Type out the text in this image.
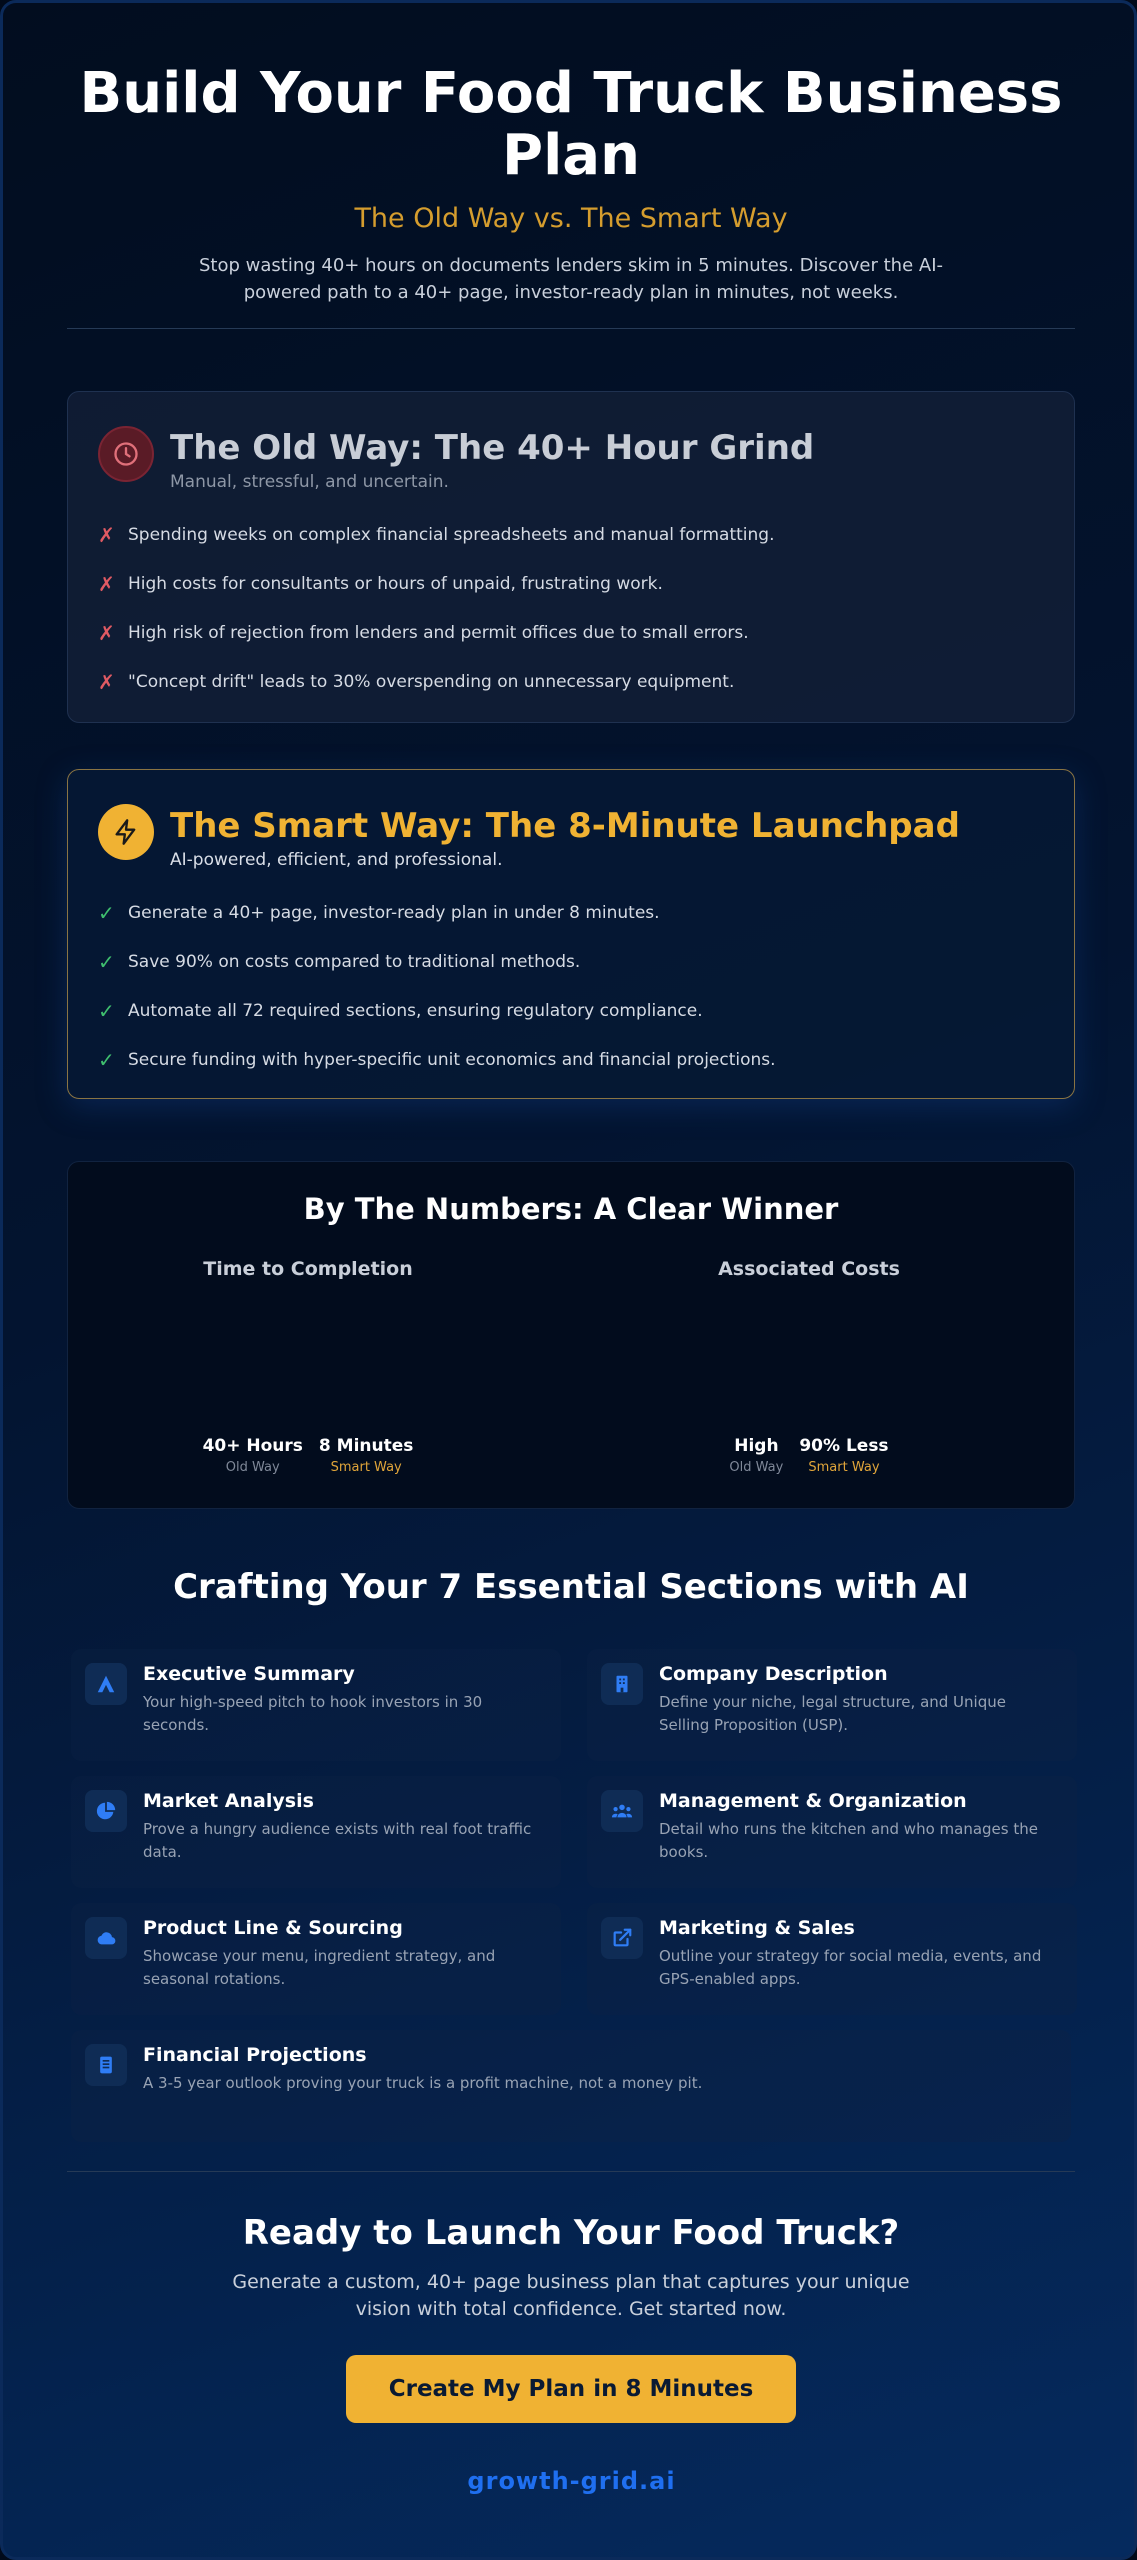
Build Your Food Truck Business Plan
The Old Way vs. The Smart Way

Stop wasting 40+ hours on documents lenders skim in 5 minutes. Discover the AI-powered path to a 40+ page, investor-ready plan in minutes, not weeks.

The Old Way: The 40+ Hour Grind
Manual, stressful, and uncertain.
✗ Spending weeks on complex financial spreadsheets and manual formatting.
✗ High costs for consultants or hours of unpaid, frustrating work.
✗ High risk of rejection from lenders and permit offices due to small errors.
✗ "Concept drift" leads to 30% overspending on unnecessary equipment.
The Smart Way: The 8-Minute Launchpad
AI-powered, efficient, and professional.
✓ Generate a 40+ page, investor-ready plan in under 8 minutes.
✓ Save 90% on costs compared to traditional methods.
✓ Automate all 72 required sections, ensuring regulatory compliance.
✓ Secure funding with hyper-specific unit economics and financial projections.
By The Numbers: A Clear Winner
Time to Completion
40+ Hours
Old Way
8 Minutes
Smart Way
Associated Costs
High
Old Way
90% Less
Smart Way
Crafting Your 7 Essential Sections with AI
Executive Summary
Your high-speed pitch to hook investors in 30 seconds.
Company Description
Define your niche, legal structure, and Unique Selling Proposition (USP).
Market Analysis
Prove a hungry audience exists with real foot traffic data.
Management & Organization
Detail who runs the kitchen and who manages the books.
Product Line & Sourcing
Showcase your menu, ingredient strategy, and seasonal rotations.
Marketing & Sales
Outline your strategy for social media, events, and GPS-enabled apps.
Financial Projections
A 3-5 year outlook proving your truck is a profit machine, not a money pit.
Ready to Launch Your Food Truck?
Generate a custom, 40+ page business plan that captures your unique vision with total confidence. Get started now.
Create My Plan in 8 Minutes
growth-grid.ai
